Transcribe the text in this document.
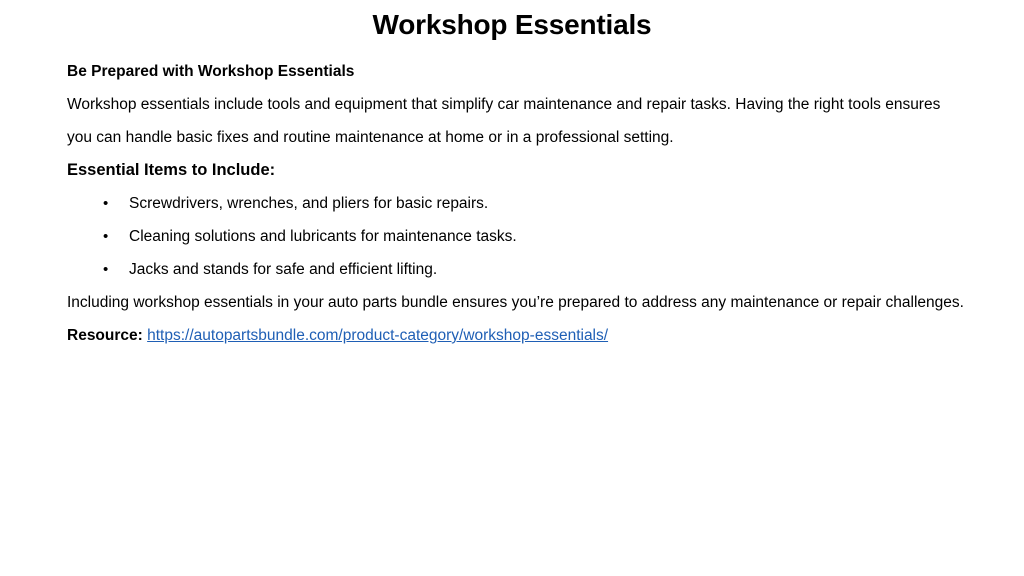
Workshop Essentials

Be Prepared with Workshop Essentials

Workshop essentials include tools and equipment that simplify car maintenance and repair tasks. Having the right tools ensures you can handle basic fixes and routine maintenance at home or in a professional setting.

Essential Items to Include:

• Screwdrivers, wrenches, and pliers for basic repairs.
• Cleaning solutions and lubricants for maintenance tasks.
• Jacks and stands for safe and efficient lifting.

Including workshop essentials in your auto parts bundle ensures you’re prepared to address any maintenance or repair challenges.

Resource: https://autopartsbundle.com/product-category/workshop-essentials/
